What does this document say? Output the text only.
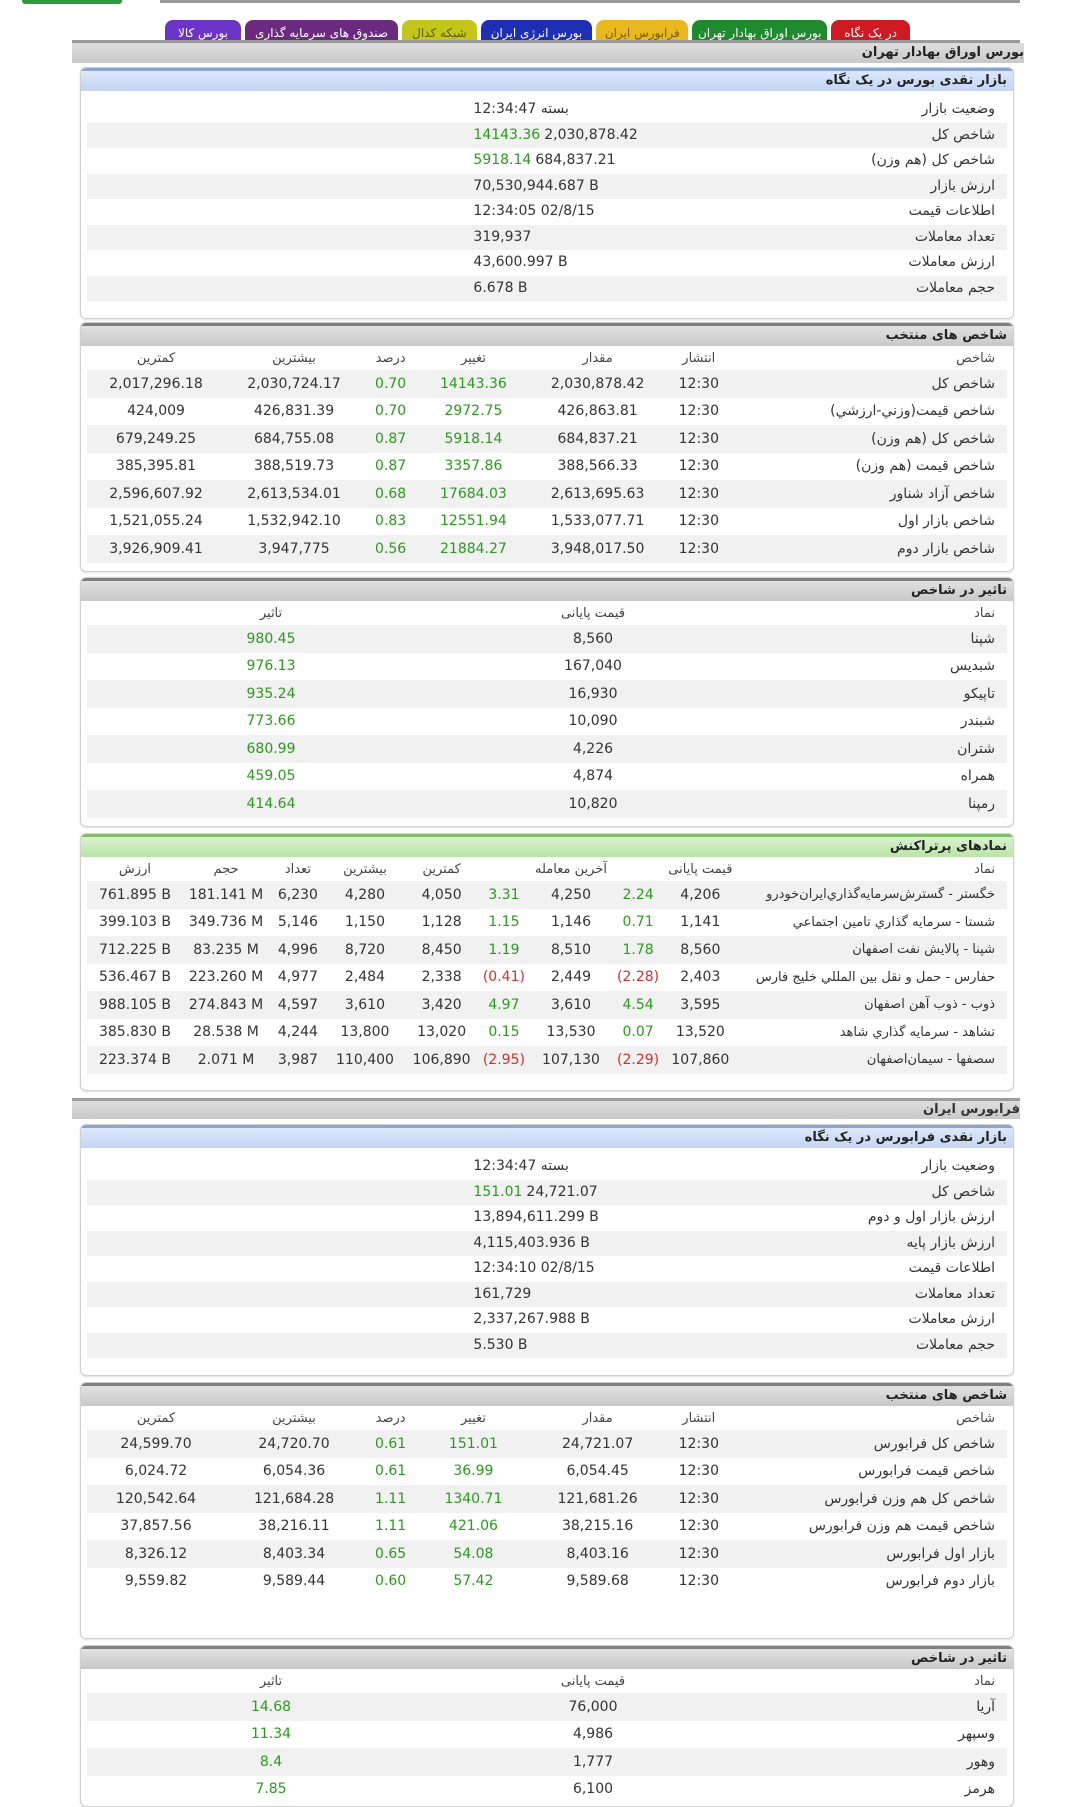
در یک نگاه
بورس اوراق بهادار تهران
فرابورس ایران
بورس انرژی ایران
شبکه کدال
صندوق های سرمایه گذاری
بورس کالا
بورس اوراق بهادار تهران
بازار نقدی بورس در یک نگاه
وضعیت بازار
12:34:47 بسته
شاخص کل
14143.36 2,030,878.42
شاخص کل (هم وزن)
5918.14 684,837.21
ارزش بازار
70,530,944.687 B
اطلاعات قیمت
12:34:05 02/8/15
تعداد معاملات
319,937
ارزش معاملات
43,600.997 B
حجم معاملات
6.678 B
شاخص های منتخب
شاخص	انتشار	مقدار	تغییر	درصد	بیشترین	کمترین
شاخص کل	12:30	2,030,878.42	14143.36	0.70	2,030,724.17	2,017,296.18
شاخص قیمت(وزني-ارزشي)	12:30	426,863.81	2972.75	0.70	426,831.39	424,009
شاخص کل (هم وزن)	12:30	684,837.21	5918.14	0.87	684,755.08	679,249.25
شاخص قیمت (هم وزن)	12:30	388,566.33	3357.86	0.87	388,519.73	385,395.81
شاخص آزاد شناور	12:30	2,613,695.63	17684.03	0.68	2,613,534.01	2,596,607.92
شاخص بازار اول	12:30	1,533,077.71	12551.94	0.83	1,532,942.10	1,521,055.24
شاخص بازار دوم	12:30	3,948,017.50	21884.27	0.56	3,947,775	3,926,909.41
تاثیر در شاخص
نماد	قیمت پایانی	تاثیر
شپنا	8,560	980.45
شبدیس	167,040	976.13
تاپیکو	16,930	935.24
شبندر	10,090	773.66
شتران	4,226	680.99
همراه	4,874	459.05
رمپنا	10,820	414.64
نمادهای پرتراکنش
نماد	قیمت پایانی		آخرین معامله		کمترین	بیشترین	تعداد	حجم	ارزش
خگستر - گسترش‌سرمايه‌گذاري‌ايران‌خودرو	4,206	2.24	4,250	3.31	4,050	4,280	6,230	181.141 M	761.895 B
شستا - سرمايه گذاري تامين اجتماعي	1,141	0.71	1,146	1.15	1,128	1,150	5,146	349.736 M	399.103 B
شپنا - پالايش نفت اصفهان	8,560	1.78	8,510	1.19	8,450	8,720	4,996	83.235 M	712.225 B
حفارس - حمل و نقل بين المللي خليج فارس	2,403	(2.28)	2,449	(0.41)	2,338	2,484	4,977	223.260 M	536.467 B
ذوب - ذوب آهن اصفهان	3,595	4.54	3,610	4.97	3,420	3,610	4,597	274.843 M	988.105 B
تشاهد - سرمايه گذاري شاهد	13,520	0.07	13,530	0.15	13,020	13,800	4,244	28.538 M	385.830 B
سصفها - سيمان‌اصفهان	107,860	(2.29)	107,130	(2.95)	106,890	110,400	3,987	2.071 M	223.374 B
فرابورس ایران
بازار نقدی فرابورس در یک نگاه
وضعیت بازار
12:34:47 بسته
شاخص کل
151.01 24,721.07
ارزش بازار اول و دوم
13,894,611.299 B
ارزش بازار پایه
4,115,403.936 B
اطلاعات قیمت
12:34:10 02/8/15
تعداد معاملات
161,729
ارزش معاملات
2,337,267.988 B
حجم معاملات
5.530 B
شاخص های منتخب
شاخص	انتشار	مقدار	تغییر	درصد	بیشترین	کمترین
شاخص کل فرابورس	12:30	24,721.07	151.01	0.61	24,720.70	24,599.70
شاخص قیمت فرابورس	12:30	6,054.45	36.99	0.61	6,054.36	6,024.72
شاخص کل هم وزن فرابورس	12:30	121,681.26	1340.71	1.11	121,684.28	120,542.64
شاخص قیمت هم وزن فرابورس	12:30	38,215.16	421.06	1.11	38,216.11	37,857.56
بازار اول فرابورس	12:30	8,403.16	54.08	0.65	8,403.34	8,326.12
بازار دوم فرابورس	12:30	9,589.68	57.42	0.60	9,589.44	9,559.82
تاثیر در شاخص
نماد	قیمت پایانی	تاثیر
آریا	76,000	14.68
وسپهر	4,986	11.34
وهور	1,777	8.4
هرمز	6,100	7.85
